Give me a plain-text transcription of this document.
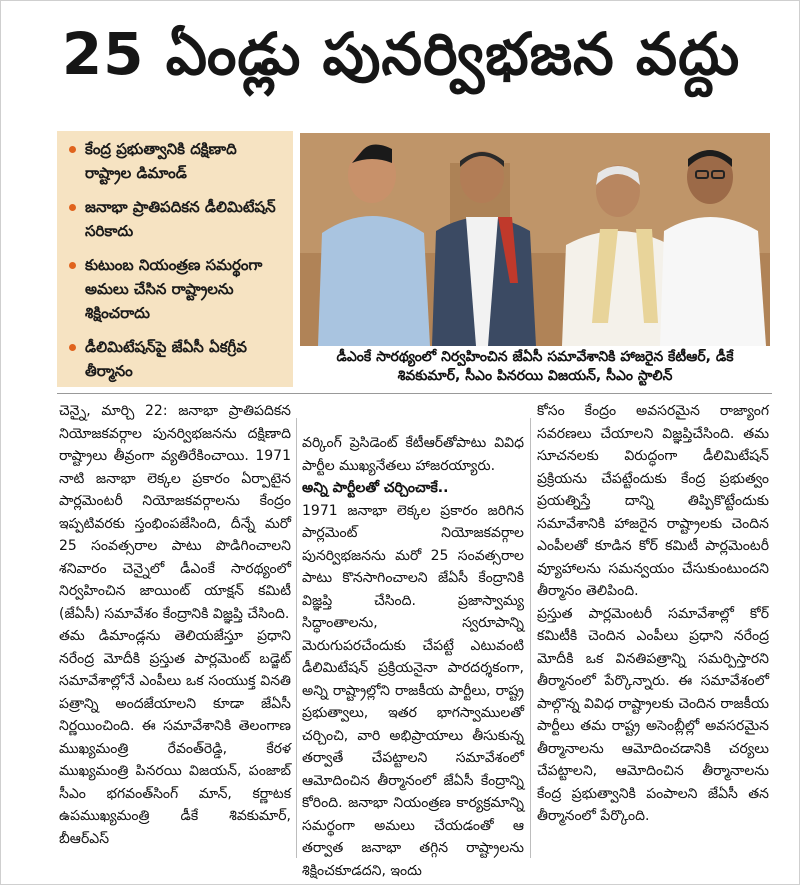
25 ఏండ్లు పునర్విభజన వద్దు
కేంద్ర ప్రభుత్వానికి దక్షిణాది రాష్ట్రాల డిమాండ్
జనాభా ప్రాతిపదికన డీలిమిటేషన్ సరికాదు
కుటుంబ నియంత్రణ సమర్థంగా అమలు చేసిన రాష్ట్రాలను శిక్షించరాదు
డీలిమిటేషన్‌పై జేఏసీ ఏకగ్రీవ తీర్మానం
డీఎంకే సారథ్యంలో నిర్వహించిన జేఏసీ సమావేశానికి హాజరైన కేటీఆర్, డీకే శివకుమార్, సీఎం పినరయి విజయన్, సీఎం స్టాలిన్

చెన్నై, మార్చి 22: జనాభా ప్రాతిపదికన నియోజకవర్గాల పునర్విభజనను దక్షిణాది రాష్ట్రాలు తీవ్రంగా వ్యతిరేకించాయి. 1971 నాటి జనాభా లెక్కల ప్రకారం ఏర్పాటైన పార్లమెంటరీ నియోజకవర్గాలను కేంద్రం ఇప్పటివరకు స్తంభింపజేసింది, దీన్నే మరో 25 సంవత్సరాల పాటు పొడిగించాలని శనివారం చెన్నైలో డీఎంకే సారథ్యంలో నిర్వహించిన జాయింట్ యాక్షన్ కమిటీ (జేఏసీ) సమావేశం కేంద్రానికి విజ్ఞప్తి చేసింది.

తమ డిమాండ్లను తెలియజేస్తూ ప్రధాని నరేంద్ర మోదీకి ప్రస్తుత పార్లమెంట్ బడ్జెట్ సమావేశాల్లోనే ఎంపీలు ఒక సంయుక్త వినతి పత్రాన్ని అందజేయాలని కూడా జేఏసీ నిర్ణయించింది. ఈ సమావేశానికి తెలంగాణ ముఖ్యమంత్రి రేవంత్‌రెడ్డి, కేరళ ముఖ్యమంత్రి పినరయి విజయన్, పంజాబ్ సీఎం భగవంత్‌సింగ్ మాన్, కర్ణాటక ఉపముఖ్యమంత్రి డీకే శివకుమార్, బీఆర్ఎస్

వర్కింగ్ ప్రెసిడెంట్ కేటీఆర్‌తోపాటు వివిధ పార్టీల ముఖ్యనేతలు హాజరయ్యారు.

అన్ని పార్టీలతో చర్చించాకే..

1971 జనాభా లెక్కల ప్రకారం జరిగిన పార్లమెంట్ నియోజకవర్గాల పునర్విభజనను మరో 25 సంవత్సరాల పాటు కొనసాగించాలని జేఏసీ కేంద్రానికి విజ్ఞప్తి చేసింది. ప్రజాస్వామ్య సిద్ధాంతాలను, స్వరూపాన్ని మెరుగుపరచేందుకు చేపట్టే ఎటువంటి డీలిమిటేషన్ ప్రక్రియనైనా పారదర్శకంగా, అన్ని రాష్ట్రాల్లోని రాజకీయ పార్టీలు, రాష్ట్ర ప్రభుత్వాలు, ఇతర భాగస్వాములతో చర్చించి, వారి అభిప్రాయాలు తీసుకున్న తర్వాతే చేపట్టాలని సమావేశంలో ఆమోదించిన తీర్మానంలో జేఏసీ కేంద్రాన్ని కోరింది. జనాభా నియంత్రణ కార్యక్రమాన్ని సమర్థంగా అమలు చేయడంతో ఆ తర్వాత జనాభా తగ్గిన రాష్ట్రాలను శిక్షించకూడదని, ఇందు

కోసం కేంద్రం అవసరమైన రాజ్యాంగ సవరణలు చేయాలని విజ్ఞప్తిచేసింది. తమ సూచనలకు విరుద్ధంగా డీలిమిటేషన్ ప్రక్రియను చేపట్టేందుకు కేంద్ర ప్రభుత్వం ప్రయత్నిస్తే దాన్ని తిప్పికొట్టేందుకు సమావేశానికి హాజరైన రాష్ట్రాలకు చెందిన ఎంపీలతో కూడిన కోర్ కమిటీ పార్లమెంటరీ వ్యూహాలను సమన్వయం చేసుకుంటుందని తీర్మానం తెలిపింది.

ప్రస్తుత పార్లమెంటరీ సమావేశాల్లో కోర్ కమిటీకి చెందిన ఎంపీలు ప్రధాని నరేంద్ర మోదీకి ఒక వినతిపత్రాన్ని సమర్పిస్తారని తీర్మానంలో పేర్కొన్నారు. ఈ సమావేశంలో పాల్గొన్న వివిధ రాష్ట్రాలకు చెందిన రాజకీయ పార్టీలు తమ రాష్ట్ర అసెంబ్లీల్లో అవసరమైన తీర్మానాలను ఆమోదించడానికి చర్యలు చేపట్టాలని, ఆమోదించిన తీర్మానాలను కేంద్ర ప్రభుత్వానికి పంపాలని జేఏసీ తన తీర్మానంలో పేర్కొంది.
